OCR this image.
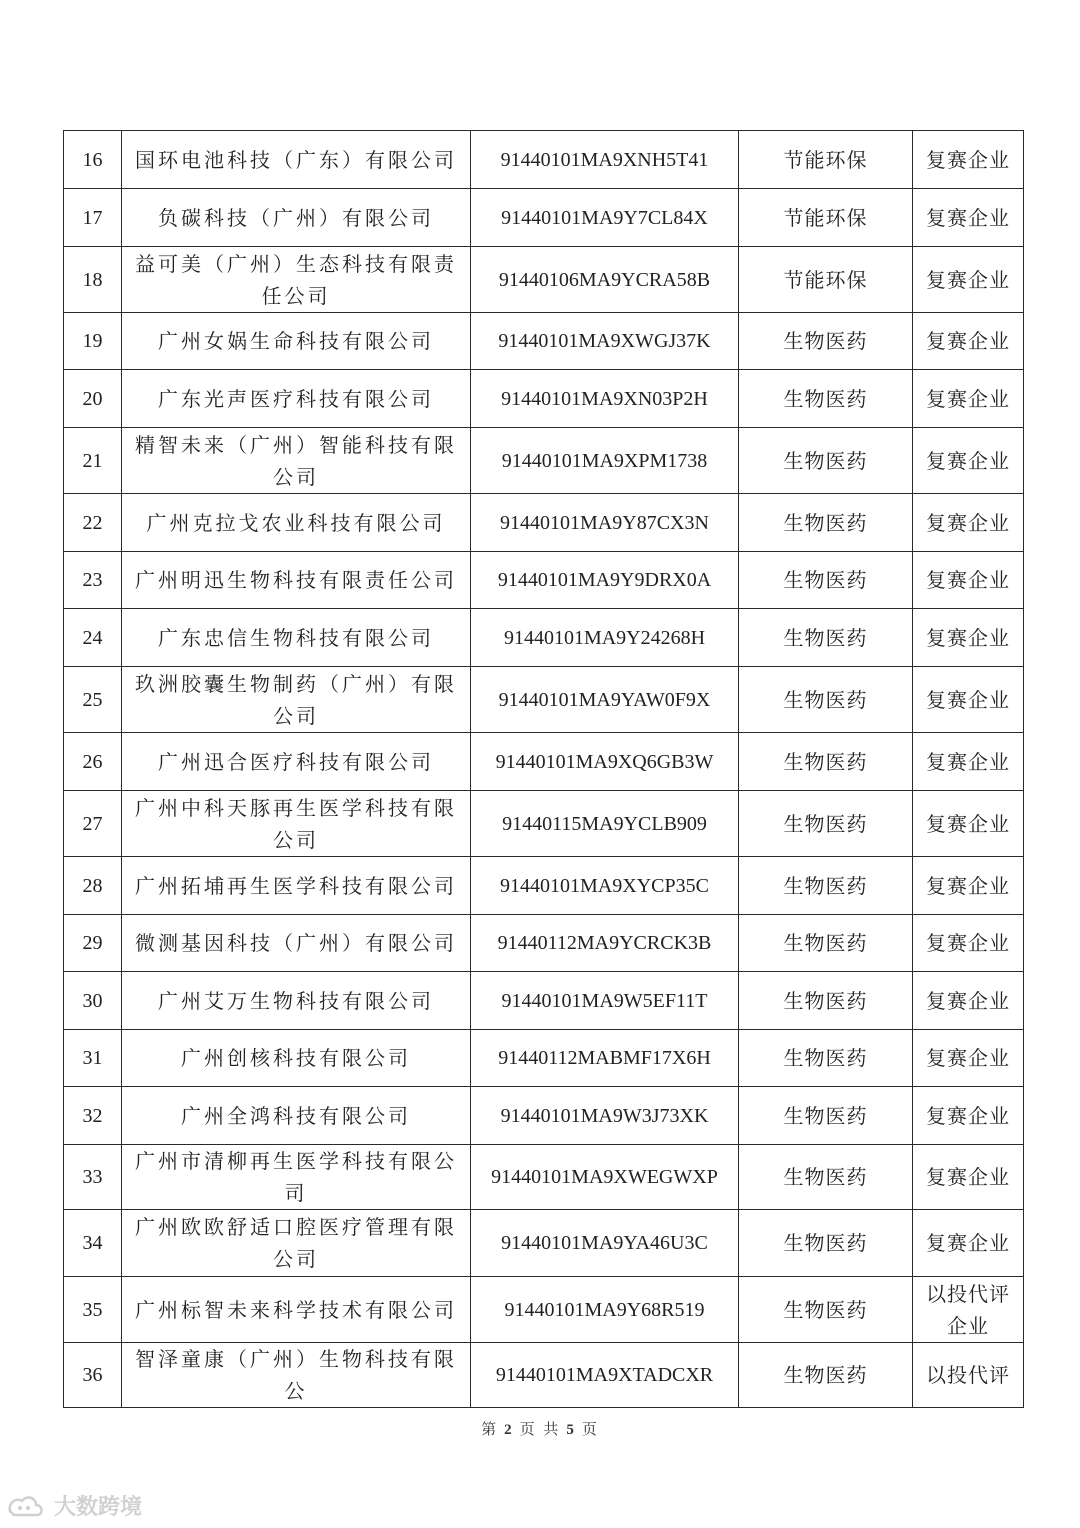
16	国环电池科技（广东）有限公司	91440101MA9XNH5T41	节能环保	复赛企业
17	负碳科技（广州）有限公司	91440101MA9Y7CL84X	节能环保	复赛企业
18	益可美（广州）生态科技有限责任公司	91440106MA9YCRA58B	节能环保	复赛企业
19	广州女娲生命科技有限公司	91440101MA9XWGJ37K	生物医药	复赛企业
20	广东光声医疗科技有限公司	91440101MA9XN03P2H	生物医药	复赛企业
21	精智未来（广州）智能科技有限公司	91440101MA9XPM1738	生物医药	复赛企业
22	广州克拉戈农业科技有限公司	91440101MA9Y87CX3N	生物医药	复赛企业
23	广州明迅生物科技有限责任公司	91440101MA9Y9DRX0A	生物医药	复赛企业
24	广东忠信生物科技有限公司	91440101MA9Y24268H	生物医药	复赛企业
25	玖洲胶囊生物制药（广州）有限公司	91440101MA9YAW0F9X	生物医药	复赛企业
26	广州迅合医疗科技有限公司	91440101MA9XQ6GB3W	生物医药	复赛企业
27	广州中科天豚再生医学科技有限公司	91440115MA9YCLB909	生物医药	复赛企业
28	广州拓埔再生医学科技有限公司	91440101MA9XYCP35C	生物医药	复赛企业
29	微测基因科技（广州）有限公司	91440112MA9YCRCK3B	生物医药	复赛企业
30	广州艾万生物科技有限公司	91440101MA9W5EF11T	生物医药	复赛企业
31	广州创核科技有限公司	91440112MABMF17X6H	生物医药	复赛企业
32	广州全鸿科技有限公司	91440101MA9W3J73XK	生物医药	复赛企业
33	广州市清柳再生医学科技有限公司	91440101MA9XWEGWXP	生物医药	复赛企业
34	广州欧欧舒适口腔医疗管理有限公司	91440101MA9YA46U3C	生物医药	复赛企业
35	广州标智未来科学技术有限公司	91440101MA9Y68R519	生物医药	以投代评企业
36	智泽童康（广州）生物科技有限公	91440101MA9XTADCXR	生物医药	以投代评
第 2 页 共 5 页
大数跨境
